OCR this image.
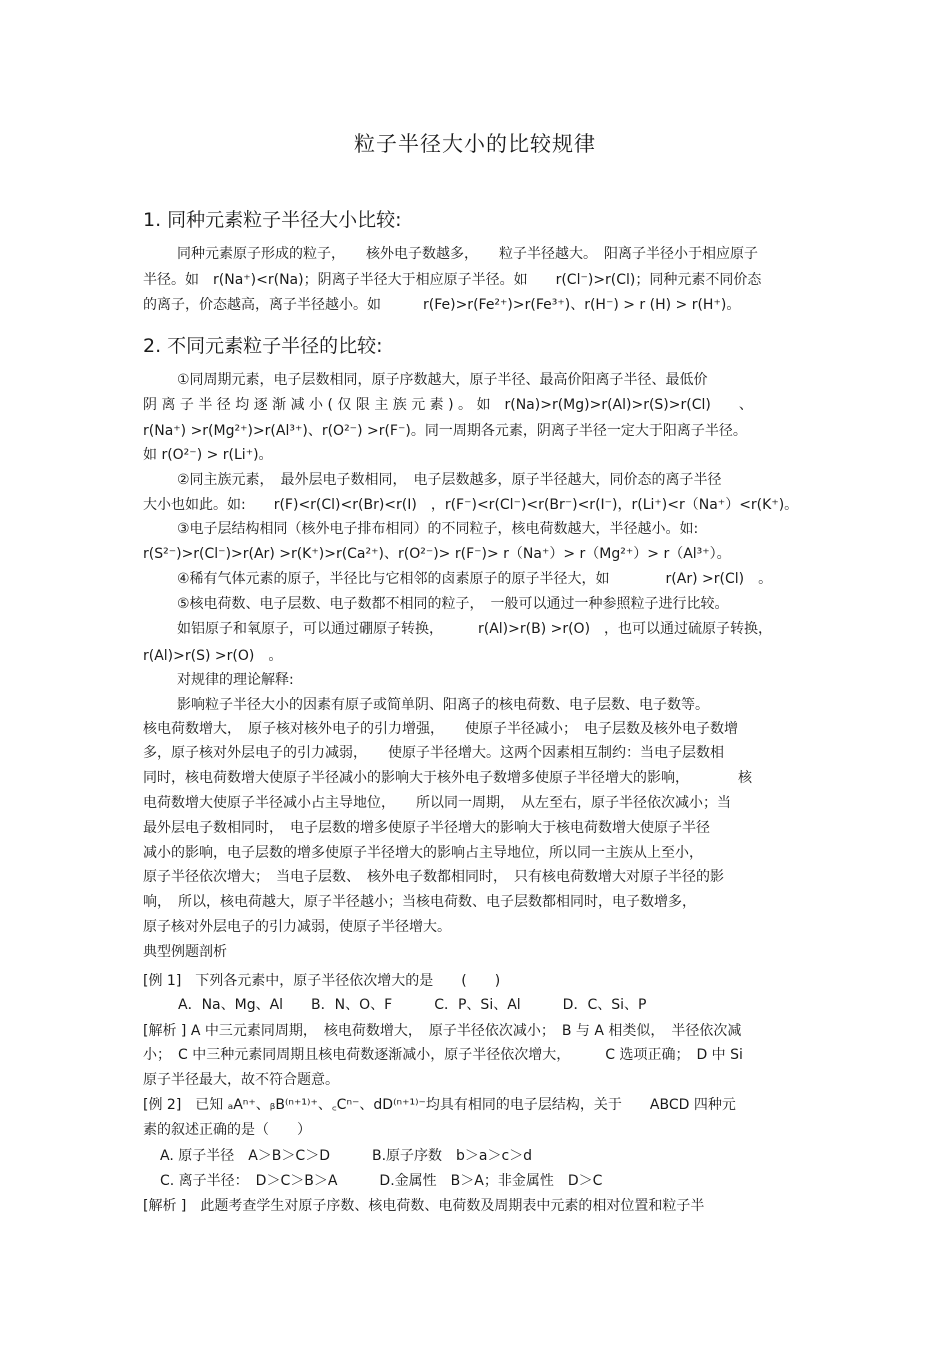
粒子半径大小的比较规律
1. 同种元素粒子半径大小比较:
同种元素原子形成的粒子，　　核外电子数越多，　　粒子半径越大。　阳离子半径小于相应原子
半径。如　r(Na⁺)<r(Na)；阴离子半径大于相应原子半径。如　　r(Cl⁻)>r(Cl)；同种元素不同价态
的离子，价态越高，离子半径越小。如　　　r(Fe)>r(Fe²⁺)>r(Fe³⁺)、r(H⁻) > r (H) > r(H⁺)。
2. 不同元素粒子半径的比较:
①同周期元素，电子层数相同，原子序数越大，原子半径、最高价阳离子半径、最低价
阴 离 子 半 径 均 逐 渐 减 小 ( 仅 限 主 族 元 素 ) 。 如　r(Na)>r(Mg)>r(Al)>r(S)>r(Cl)　　、
r(Na⁺) >r(Mg²⁺)>r(Al³⁺)、r(O²⁻) >r(F⁻)。同一周期各元素，阴离子半径一定大于阳离子半径。
如 r(O²⁻) > r(Li⁺)。
②同主族元素，　最外层电子数相同，　电子层数越多，原子半径越大，同价态的离子半径
大小也如此。如:　　r(F)<r(Cl)<r(Br)<r(I)　，r(F⁻)<r(Cl⁻)<r(Br⁻)<r(I⁻)，r(Li⁺)<r（Na⁺）<r(K⁺)。
③电子层结构相同（核外电子排布相同）的不同粒子，核电荷数越大，半径越小。如:
r(S²⁻)>r(Cl⁻)>r(Ar) >r(K⁺)>r(Ca²⁺)、r(O²⁻)> r(F⁻)> r（Na⁺）> r（Mg²⁺）> r（Al³⁺）。
④稀有气体元素的原子，半径比与它相邻的卤素原子的原子半径大，如　　　　r(Ar) >r(Cl)　。
⑤核电荷数、电子层数、电子数都不相同的粒子，　一般可以通过一种参照粒子进行比较。
如铝原子和氧原子，可以通过硼原子转换，　　　r(Al)>r(B) >r(O)　，也可以通过硫原子转换，
r(Al)>r(S) >r(O)　。
对规律的理论解释:
影响粒子半径大小的因素有原子或简单阴、阳离子的核电荷数、电子层数、电子数等。
核电荷数增大，　原子核对核外电子的引力增强，　　使原子半径减小；　电子层数及核外电子数增
多，原子核对外层电子的引力减弱，　　使原子半径增大。这两个因素相互制约：当电子层数相
同时，核电荷数增大使原子半径减小的影响大于核外电子数增多使原子半径增大的影响，　　　　核
电荷数增大使原子半径减小占主导地位，　　所以同一周期，　从左至右，原子半径依次减小；当
最外层电子数相同时，　电子层数的增多使原子半径增大的影响大于核电荷数增大使原子半径
减小的影响，电子层数的增多使原子半径增大的影响占主导地位，所以同一主族从上至小，
原子半径依次增大；　当电子层数、　核外电子数都相同时，　只有核电荷数增大对原子半径的影
响，　所以，核电荷越大，原子半径越小；当核电荷数、电子层数都相同时，电子数增多，
原子核对外层电子的引力减弱，使原子半径增大。
典型例题剖析
[例 1]　下列各元素中，原子半径依次增大的是　　(　　)
A．Na、Mg、Al　　B．N、O、F　　　C．P、Si、Al　　　D．C、Si、P
[解析 ] A 中三元素同周期，　核电荷数增大，　原子半径依次减小；　B 与 A 相类似，　半径依次减
小；　C 中三种元素同周期且核电荷数逐渐减小，原子半径依次增大，　　　C 选项正确；　D 中 Si
原子半径最大，故不符合题意。
[例 2]　已知 ₐAⁿ⁺、ᵦB⁽ⁿ⁺¹⁾⁺、꜀Cⁿ⁻、dD⁽ⁿ⁺¹⁾⁻均具有相同的电子层结构，关于　　ABCD 四种元
素的叙述正确的是（　　）
A. 原子半径　A＞B＞C＞D　　　B.原子序数　b＞a＞c＞d
C. 离子半径：　D＞C＞B＞A　　　D.金属性　B＞A；非金属性　D＞C
[解析 ]　此题考查学生对原子序数、核电荷数、电荷数及周期表中元素的相对位置和粒子半
